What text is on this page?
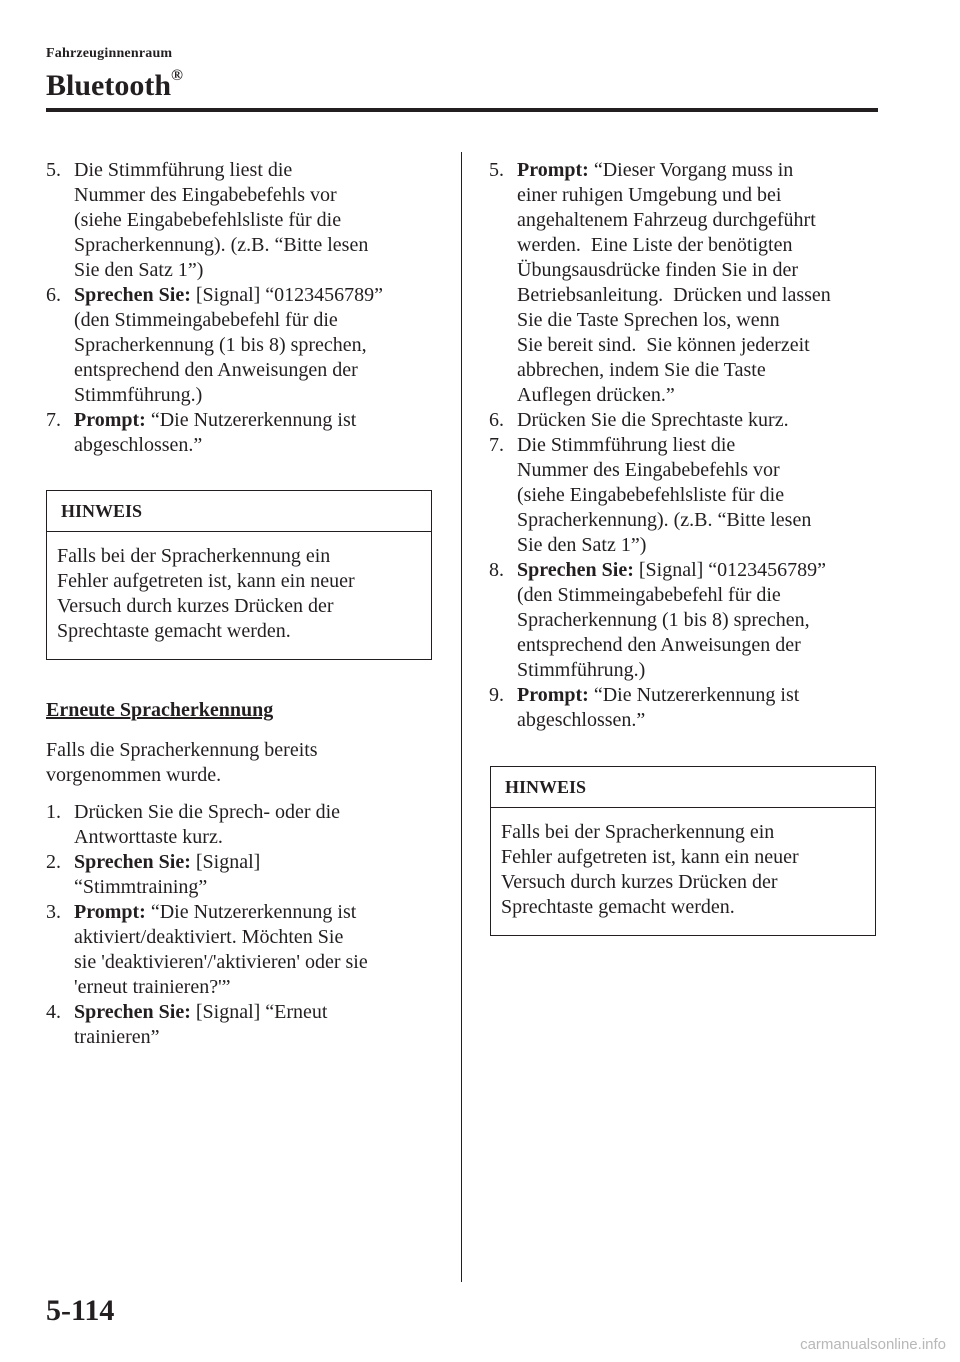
Fahrzeuginnenraum
Bluetooth®
5. Die Stimmführung liest die
Nummer des Eingabebefehls vor
(siehe Eingabebefehlsliste für die
Spracherkennung). (z.B. “Bitte lesen
Sie den Satz 1”)
6. Sprechen Sie: [Signal] “0123456789”
(den Stimmeingabebefehl für die
Spracherkennung (1 bis 8) sprechen,
entsprechend den Anweisungen der
Stimmführung.)
7. Prompt: “Die Nutzererkennung ist
abgeschlossen.”
HINWEIS
Falls bei der Spracherkennung ein
Fehler aufgetreten ist, kann ein neuer
Versuch durch kurzes Drücken der
Sprechtaste gemacht werden.
Erneute Spracherkennung
Falls die Spracherkennung bereits
vorgenommen wurde.
1. Drücken Sie die Sprech- oder die
Antworttaste kurz.
2. Sprechen Sie: [Signal]
“Stimmtraining”
3. Prompt: “Die Nutzererkennung ist
aktiviert/deaktiviert. Möchten Sie
sie 'deaktivieren'/'aktivieren' oder sie
'erneut trainieren?'”
4. Sprechen Sie: [Signal] “Erneut
trainieren”
5. Prompt: “Dieser Vorgang muss in
einer ruhigen Umgebung und bei
angehaltenem Fahrzeug durchgeführt
werden.  Eine Liste der benötigten
Übungsausdrücke finden Sie in der
Betriebsanleitung.  Drücken und lassen
Sie die Taste Sprechen los, wenn
Sie bereit sind.  Sie können jederzeit
abbrechen, indem Sie die Taste
Auflegen drücken.”
6. Drücken Sie die Sprechtaste kurz.
7. Die Stimmführung liest die
Nummer des Eingabebefehls vor
(siehe Eingabebefehlsliste für die
Spracherkennung). (z.B. “Bitte lesen
Sie den Satz 1”)
8. Sprechen Sie: [Signal] “0123456789”
(den Stimmeingabebefehl für die
Spracherkennung (1 bis 8) sprechen,
entsprechend den Anweisungen der
Stimmführung.)
9. Prompt: “Die Nutzererkennung ist
abgeschlossen.”
HINWEIS
Falls bei der Spracherkennung ein
Fehler aufgetreten ist, kann ein neuer
Versuch durch kurzes Drücken der
Sprechtaste gemacht werden.
5-114
carmanualsonline.info
